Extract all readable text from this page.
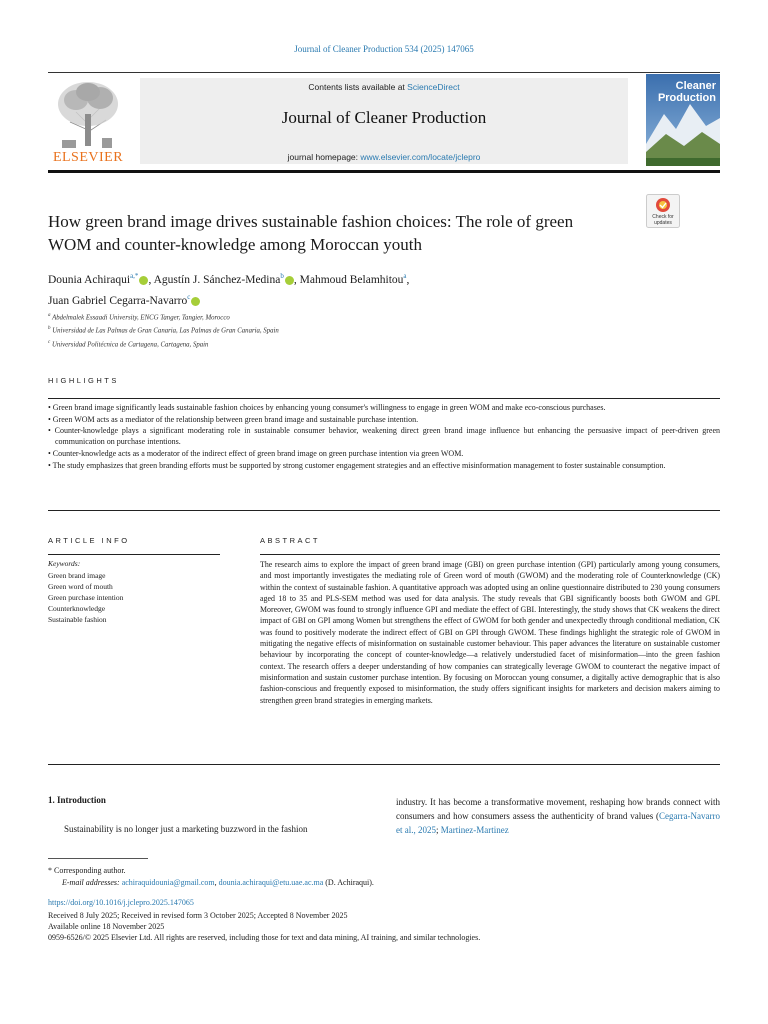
Journal of Cleaner Production 534 (2025) 147065
ELSEVIER
Contents lists available at ScienceDirect
Journal of Cleaner Production
journal homepage: www.elsevier.com/locate/jclepro
Cleaner
Production
How green brand image drives sustainable fashion choices: The role of green WOM and counter-knowledge among Moroccan youth
Check for
updates
Dounia Achiraqui$^{a,*}$ , Agustín J. Sánchez-Medina$^b$ , Mahmoud Belamhitou$^a$,
Juan Gabriel Cegarra-Navarro$^c$
$^a$ Abdelmalek Essaadi University, ENCG Tanger, Tangier, Morocco
$^b$ Universidad de Las Palmas de Gran Canaria, Las Palmas de Gran Canaria, Spain
$^c$ Universidad Politécnica de Cartagena, Cartagena, Spain
HIGHLIGHTS
• Green brand image significantly leads sustainable fashion choices by enhancing young consumer's willingness to engage in green WOM and make eco-conscious purchases.
• Green WOM acts as a mediator of the relationship between green brand image and sustainable purchase intention.
• Counter-knowledge plays a significant moderating role in sustainable consumer behavior, weakening direct green brand image influence but enhancing the persuasive impact of peer-driven green communication on purchase intentions.
• Counter-knowledge acts as a moderator of the indirect effect of green brand image on green purchase intention via green WOM.
• The study emphasizes that green branding efforts must be supported by strong customer engagement strategies and an effective misinformation management to foster sustainable consumption.
ARTICLE INFO
Keywords:
Green brand image
Green word of mouth
Green purchase intention
Counterknowledge
Sustainable fashion
ABSTRACT
The research aims to explore the impact of green brand image (GBI) on green purchase intention (GPI) particularly among young consumers, and most importantly investigates the mediating role of Green word of mouth (GWOM) and the moderating role of Counterknowledge (CK) within the context of sustainable fashion. A quantitative approach was adopted using an online questionnaire distributed to 230 young consumers aged 18 to 35 and PLS-SEM method was used for data analysis. The study reveals that GBI significantly boosts both GWOM and GPI. Moreover, GWOM was found to strongly influence GPI and mediate the effect of GBI. Interestingly, the study shows that CK weakens the direct impact of GBI on GPI among Women but strengthens the effect of GWOM for both gender and unexpectedly through conditional mediation, CK was found to positively moderate the indirect effect of GBI on GPI through GWOM. These findings highlight the strategic role of GWOM in mitigating the negative effects of misinformation on sustainable customer behaviour. This paper advances the literature on sustainable customer behaviour by incorporating the concept of counter-knowledge—a relatively understudied facet of misinformation—into the green fashion context. The research offers a deeper understanding of how companies can strategically leverage GWOM to counteract the negative impact of misinformation and sustain customer purchase intention. By focusing on Moroccan young consumer, a digitally active demographic that is also fashion-conscious and frequently exposed to misinformation, the study offers significant insights for marketers and decision makers aiming to strengthen green brand strategies in emerging markets.
1. Introduction
Sustainability is no longer just a marketing buzzword in the fashion
industry. It has become a transformative movement, reshaping how brands connect with consumers and how consumers assess the authenticity of brand values (Cegarra-Navarro et al., 2025; Martinez-Martinez
* Corresponding author.
E-mail addresses: achiraquidounia@gmail.com, dounia.achiraqui@etu.uae.ac.ma (D. Achiraqui).
https://doi.org/10.1016/j.jclepro.2025.147065
Received 8 July 2025; Received in revised form 3 October 2025; Accepted 8 November 2025
Available online 18 November 2025
0959-6526/© 2025 Elsevier Ltd. All rights are reserved, including those for text and data mining, AI training, and similar technologies.
